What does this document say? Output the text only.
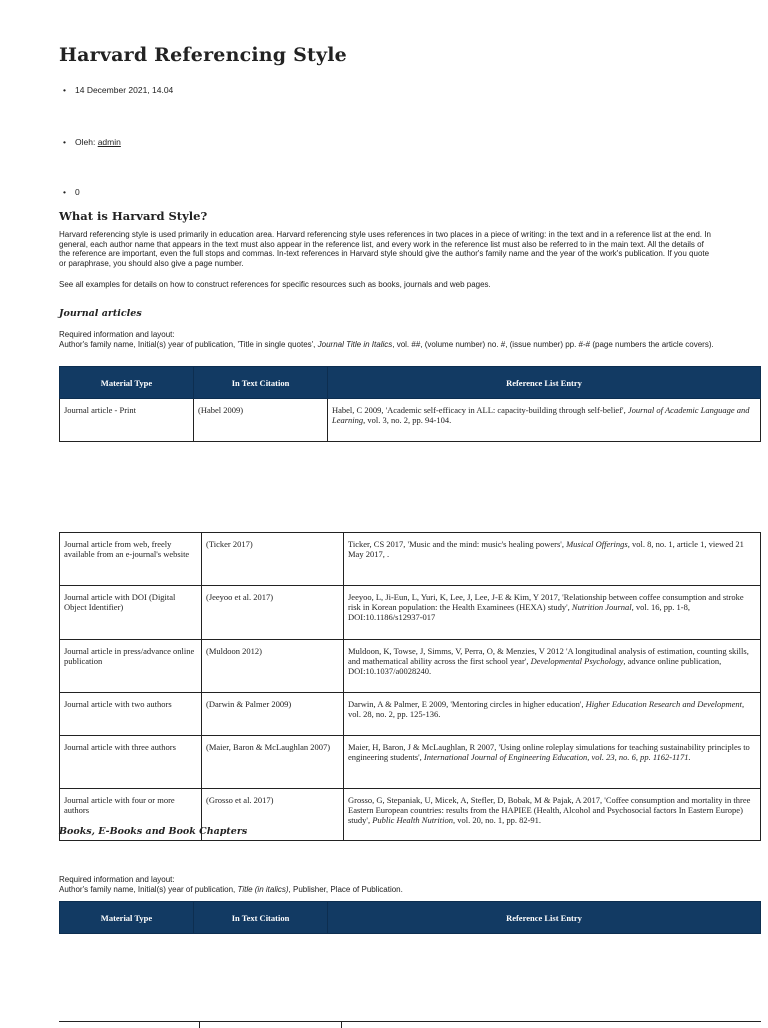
Harvard Referencing Style
• 14 December 2021, 14.04
• Oleh: admin
• 0
What is Harvard Style?

Harvard referencing style is used primarily in education area. Harvard referencing style uses references in two places in a piece of writing: in the text and in a reference list at the end. In general, each author name that appears in the text must also appear in the reference list, and every work in the reference list must also be referred to in the main text. All the details of the reference are important, even the full stops and commas. In-text references in Harvard style should give the author's family name and the year of the work's publication. If you quote or paraphrase, you should also give a page number.

See all examples for details on how to construct references for specific resources such as books, journals and web pages.

Journal articles

Required information and layout:
Author's family name, Initial(s) year of publication, 'Title in single quotes', Journal Title in Italics, vol. ##, (volume number) no. #, (issue number) pp. #-# (page numbers the article covers).

Material Type	In Text Citation	Reference List Entry
Journal article - Print	(Habel 2009)	Habel, C 2009, 'Academic self-efficacy in ALL: capacity-building through self-belief', Journal of Academic Language and Learning, vol. 3, no. 2, pp. 94-104.
Journal article from web, freely available from an e-journal's website	(Ticker 2017)	Ticker, CS 2017, 'Music and the mind: music's healing powers', Musical Offerings, vol. 8, no. 1, article 1, viewed 21 May 2017, .
Journal article with DOI (Digital Object Identifier)	(Jeeyoo et al. 2017)	Jeeyoo, L, Ji-Eun, L, Yuri, K, Lee, J, Lee, J-E & Kim, Y 2017, 'Relationship between coffee consumption and stroke risk in Korean population: the Health Examinees (HEXA) study', Nutrition Journal, vol. 16, pp. 1-8, DOI:10.1186/s12937-017
Journal article in press/advance online publication	(Muldoon 2012)	Muldoon, K, Towse, J, Simms, V, Perra, O, & Menzies, V 2012 'A longitudinal analysis of estimation, counting skills, and mathematical ability across the first school year', Developmental Psychology, advance online publication, DOI:10.1037/a0028240.
Journal article with two authors	(Darwin & Palmer 2009)	Darwin, A & Palmer, E 2009, 'Mentoring circles in higher education', Higher Education Research and Development, vol. 28, no. 2, pp. 125-136.
Journal article with three authors	(Maier, Baron & McLaughlan 2007)	Maier, H, Baron, J & McLaughlan, R 2007, 'Using online roleplay simulations for teaching sustainability principles to engineering students', International Journal of Engineering Education, vol. 23, no. 6, pp. 1162-1171.
Journal article with four or more authors	(Grosso et al. 2017)	Grosso, G, Stepaniak, U, Micek, A, Stefler, D, Bobak, M & Pajak, A 2017, 'Coffee consumption and mortality in three Eastern European countries: results from the HAPIEE (Health, Alcohol and Psychosocial factors In Eastern Europe) study', Public Health Nutrition, vol. 20, no. 1, pp. 82-91.
Books, E-Books and Book Chapters

Required information and layout:
Author's family name, Initial(s) year of publication, Title (in italics), Publisher, Place of Publication.

Material Type	In Text Citation	Reference List Entry
